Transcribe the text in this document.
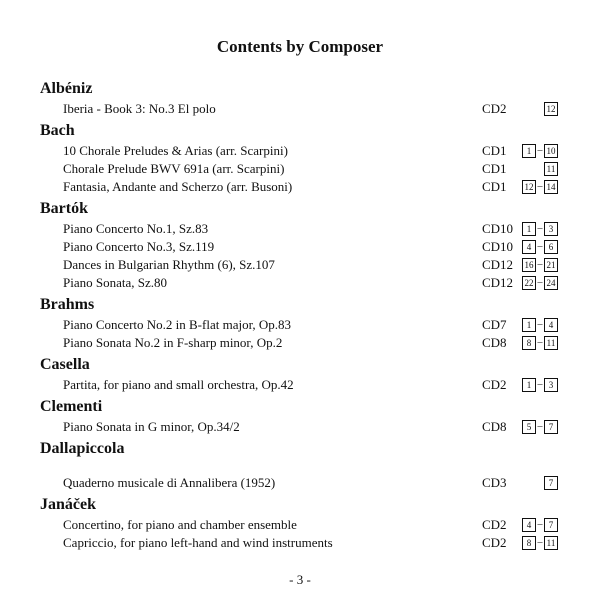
Contents by Composer
Albéniz
Iberia - Book 3: No.3 El polo	CD2	12
Bach
10 Chorale Preludes & Arias (arr. Scarpini)	CD1	1 – 10
Chorale Prelude BWV 691a (arr. Scarpini)	CD1	11
Fantasia, Andante and Scherzo (arr. Busoni)	CD1 12 – 14
Bartók
Piano Concerto No.1, Sz.83	CD10	1 – 3
Piano Concerto No.3, Sz.119	CD10	4 – 6
Dances in Bulgarian Rhythm (6), Sz.107	CD12 16 – 21
Piano Sonata, Sz.80	CD12 22 – 24
Brahms
Piano Concerto No.2 in B-flat major, Op.83	CD7	1 – 4
Piano Sonata No.2 in F-sharp minor, Op.2	CD8	8 – 11
Casella
Partita, for piano and small orchestra, Op.42	CD2	1 – 3
Clementi
Piano Sonata in G minor, Op.34/2	CD8	5 – 7
Dallapiccola
Quaderno musicale di Annalibera (1952)	CD3	7
Janáček
Concertino, for piano and chamber ensemble	CD2	4 – 7
Capriccio, for piano left-hand and wind instruments	CD2	8 – 11
- 3 -
